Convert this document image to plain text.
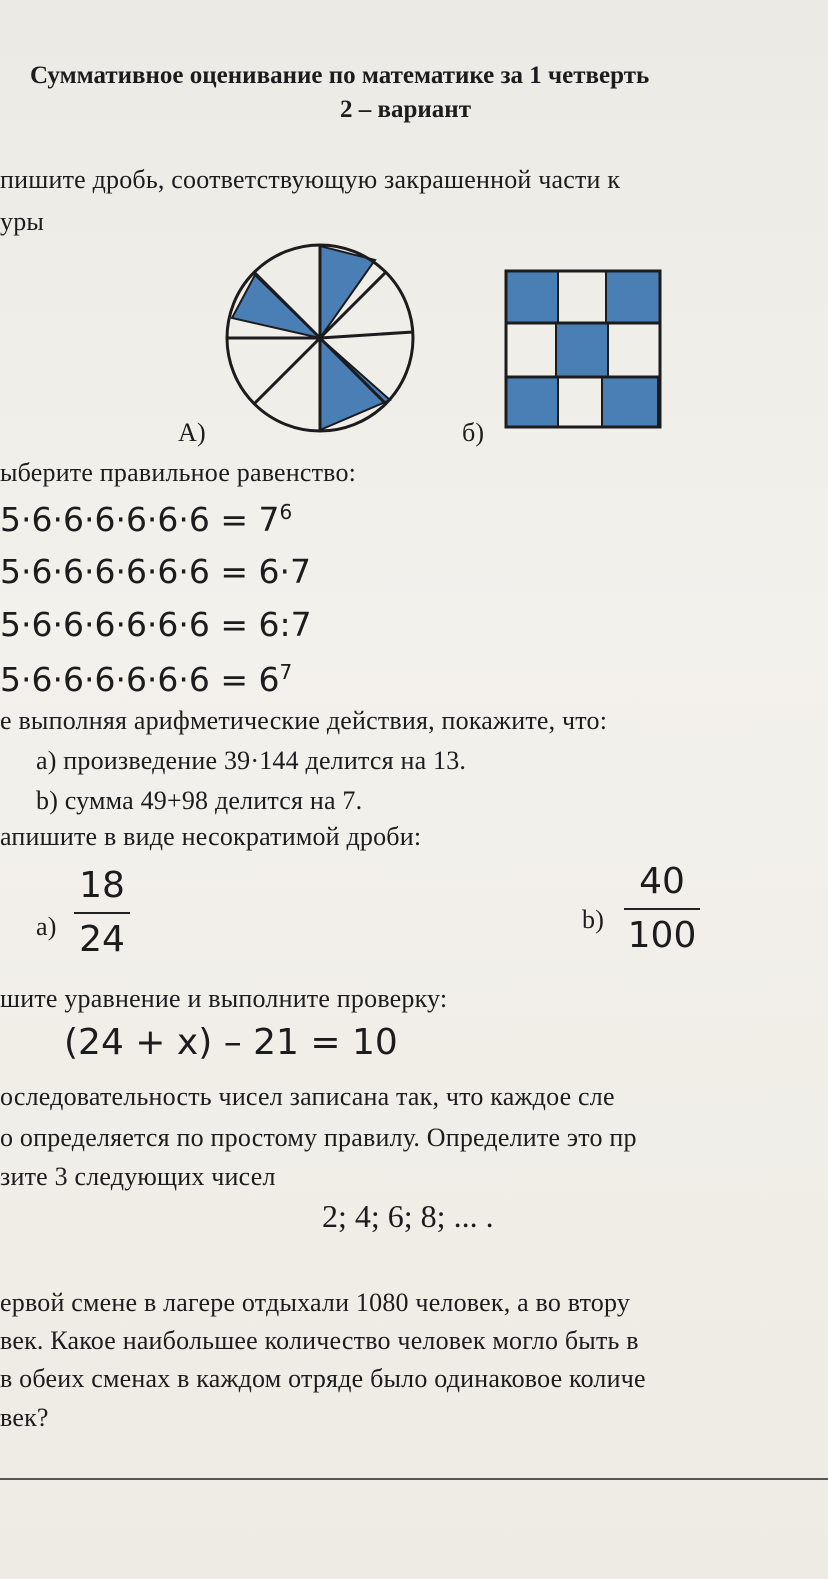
Суммативное оценивание по математике за 1 четверть
2 – вариант
пишите дробь, соответствующую закрашенной части к
уры
А)	б)
ыберите правильное равенство:
$5\cdot 6\cdot 6\cdot 6\cdot 6\cdot 6\cdot 6 = 7^6$
5·6·6·6·6·6·6 = 6·7
5·6·6·6·6·6·6 = 6:7
$5\cdot 6\cdot 6\cdot 6\cdot 6\cdot 6\cdot 6 = 6^7$
е выполняя арифметические действия, покажите, что:
a) произведение 39·144 делится на 13.
b) сумма 49+98 делится на 7.
апишите в виде несократимой дроби:
а)
18
24	b)
40
100
шите уравнение и выполните проверку:
(24 + x) – 21 = 10
оследовательность чисел записана так, что каждое сле
о определяется по простому правилу. Определите это пр
зите 3 следующих чисел
2; 4; 6; 8; ... .
ервой смене в лагере отдыхали 1080 человек, а во втору
век. Какое наибольшее количество человек могло быть в
в обеих сменах в каждом отряде было одинаковое количе
век?
